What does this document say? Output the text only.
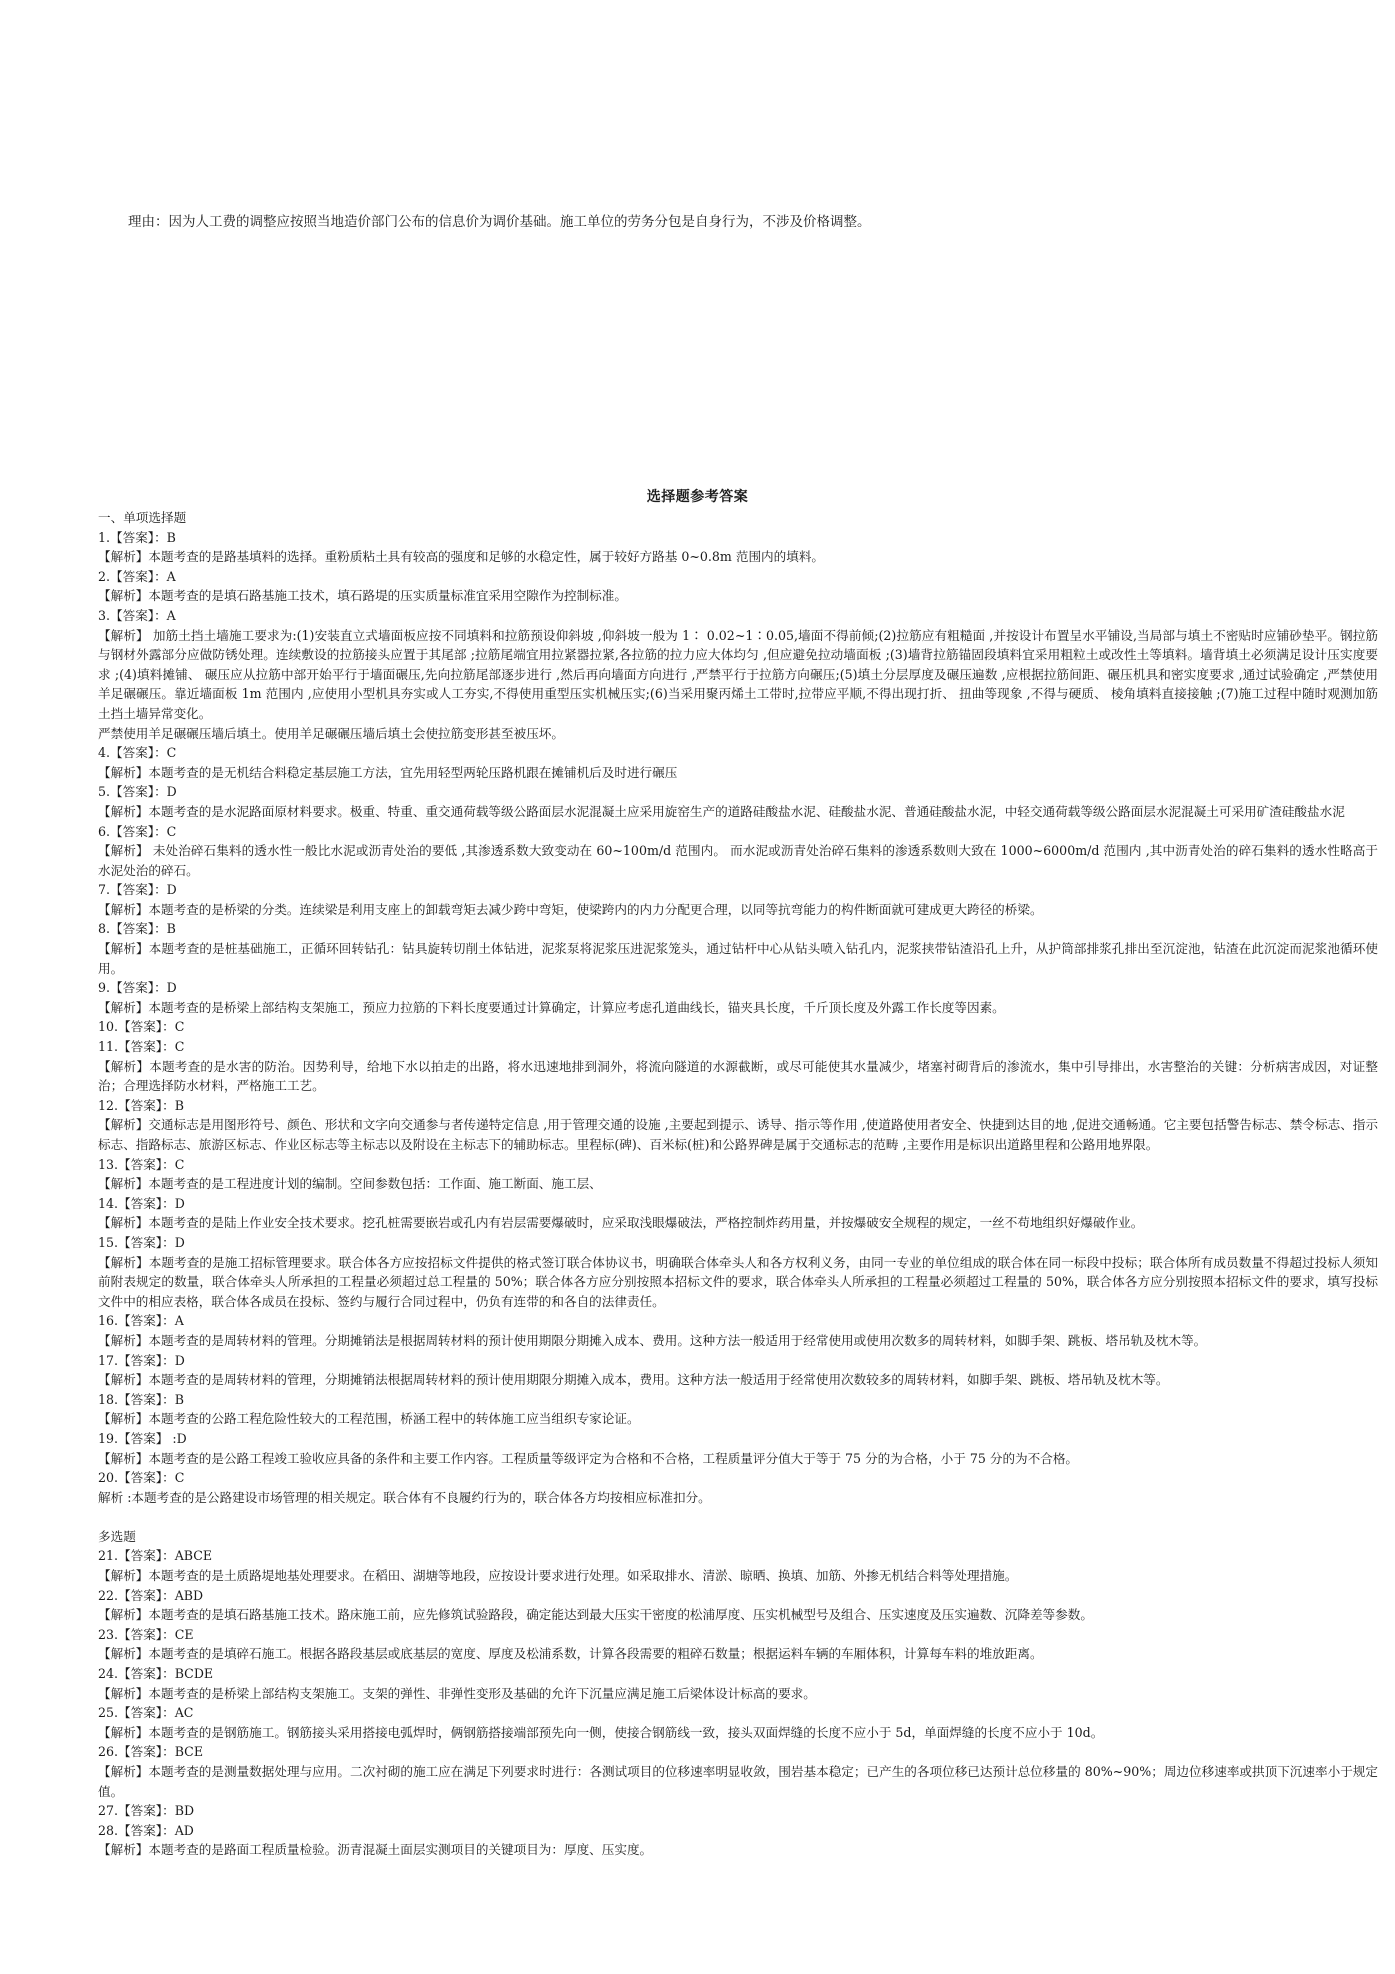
理由：因为人工费的调整应按照当地造价部门公布的信息价为调价基础。施工单位的劳务分包是自身行为，不涉及价格调整。
选择题参考答案
一、单项选择题
1.【答案】：B
【解析】本题考查的是路基填料的选择。重粉质粘土具有较高的强度和足够的水稳定性，属于较好方路基 0~0.8m 范围内的填料。
2.【答案】：A
【解析】本题考查的是填石路基施工技术，填石路堤的压实质量标准宜采用空隙作为控制标准。
3.【答案】：A
【解析】 加筋土挡土墙施工要求为:(1)安装直立式墙面板应按不同填料和拉筋预设仰斜坡 ,仰斜坡一般为 1∶ 0.02~1∶0.05,墙面不得前倾;(2)拉筋应有粗糙面 ,并按设计布置呈水平铺设,当局部与填土不密贴时应铺砂垫平。钢拉筋与钢材外露部分应做防锈处理。连续敷设的拉筋接头应置于其尾部 ;拉筋尾端宜用拉紧器拉紧,各拉筋的拉力应大体均匀 ,但应避免拉动墙面板 ;(3)墙背拉筋锚固段填料宜采用粗粒土或改性土等填料。墙背填土必须满足设计压实度要求 ;(4)填料摊铺、 碾压应从拉筋中部开始平行于墙面碾压,先向拉筋尾部逐步进行 ,然后再向墙面方向进行 ,严禁平行于拉筋方向碾压;(5)填土分层厚度及碾压遍数 ,应根据拉筋间距、碾压机具和密实度要求 ,通过试验确定 ,严禁使用羊足碾碾压。靠近墙面板 1m 范围内 ,应使用小型机具夯实或人工夯实,不得使用重型压实机械压实;(6)当采用聚丙烯土工带时,拉带应平顺,不得出现打折、 扭曲等现象 ,不得与硬质、 棱角填料直接接触 ;(7)施工过程中随时观测加筋土挡土墙异常变化。
严禁使用羊足碾碾压墙后填土。使用羊足碾碾压墙后填土会使拉筋变形甚至被压坏。
4.【答案】：C
【解析】本题考查的是无机结合料稳定基层施工方法，宜先用轻型两轮压路机跟在摊铺机后及时进行碾压
5.【答案】：D
【解析】本题考查的是水泥路面原材料要求。极重、特重、重交通荷载等级公路面层水泥混凝土应采用旋窑生产的道路硅酸盐水泥、硅酸盐水泥、普通硅酸盐水泥，中轻交通荷载等级公路面层水泥混凝土可采用矿渣硅酸盐水泥
6.【答案】：C
【解析】 未处治碎石集料的透水性一般比水泥或沥青处治的要低 ,其渗透系数大致变动在 60~100m/d 范围内。 而水泥或沥青处治碎石集料的渗透系数则大致在 1000~6000m/d 范围内 ,其中沥青处治的碎石集料的透水性略高于水泥处治的碎石。
7.【答案】：D
【解析】本题考查的是桥梁的分类。连续梁是利用支座上的卸载弯矩去减少跨中弯矩，使梁跨内的内力分配更合理，以同等抗弯能力的构件断面就可建成更大跨径的桥梁。
8.【答案】：B
【解析】本题考查的是桩基础施工，正循环回转钻孔：钻具旋转切削土体钻进，泥浆泵将泥浆压进泥浆笼头，通过钻杆中心从钻头喷入钻孔内，泥浆挟带钻渣沿孔上升，从护筒部排浆孔排出至沉淀池，钻渣在此沉淀而泥浆池循环使用。
9.【答案】：D
【解析】本题考查的是桥梁上部结构支架施工，预应力拉筋的下料长度要通过计算确定，计算应考虑孔道曲线长，锚夹具长度，千斤顶长度及外露工作长度等因素。
10.【答案】：C
11.【答案】：C
【解析】本题考查的是水害的防治。因势利导，给地下水以拍走的出路，将水迅速地排到洞外，将流向隧道的水源截断，或尽可能使其水量减少，堵塞衬砌背后的渗流水，集中引导排出，水害整治的关键：分析病害成因，对证整治；合理选择防水材料，严格施工工艺。
12.【答案】：B
【解析】交通标志是用图形符号、颜色、形状和文字向交通参与者传递特定信息 ,用于管理交通的设施 ,主要起到提示、诱导、指示等作用 ,使道路使用者安全、快捷到达目的地 ,促进交通畅通。它主要包括警告标志、禁令标志、指示标志、指路标志、旅游区标志、作业区标志等主标志以及附设在主标志下的辅助标志。里程标(碑)、百米标(桩)和公路界碑是属于交通标志的范畴 ,主要作用是标识出道路里程和公路用地界限。
13.【答案】：C
【解析】本题考查的是工程进度计划的编制。空间参数包括：工作面、施工断面、施工层、
14.【答案】：D
【解析】本题考查的是陆上作业安全技术要求。挖孔桩需要嵌岩或孔内有岩层需要爆破时，应采取浅眼爆破法，严格控制炸药用量，并按爆破安全规程的规定，一丝不苟地组织好爆破作业。
15.【答案】：D
【解析】本题考查的是施工招标管理要求。联合体各方应按招标文件提供的格式签订联合体协议书，明确联合体牵头人和各方权利义务，由同一专业的单位组成的联合体在同一标段中投标；联合体所有成员数量不得超过投标人须知前附表规定的数量，联合体牵头人所承担的工程量必须超过总工程量的 50%；联合体各方应分别按照本招标文件的要求，联合体牵头人所承担的工程量必须超过工程量的 50%，联合体各方应分别按照本招标文件的要求，填写投标文件中的相应表格，联合体各成员在投标、签约与履行合同过程中，仍负有连带的和各自的法律责任。
16.【答案】：A
【解析】本题考查的是周转材料的管理。分期摊销法是根据周转材料的预计使用期限分期摊入成本、费用。这种方法一般适用于经常使用或使用次数多的周转材料，如脚手架、跳板、塔吊轨及枕木等。
17.【答案】：D
【解析】本题考查的是周转材料的管理，分期摊销法根据周转材料的预计使用期限分期摊入成本，费用。这种方法一般适用于经常使用次数较多的周转材料，如脚手架、跳板、塔吊轨及枕木等。
18.【答案】：B
【解析】本题考查的公路工程危险性较大的工程范围，桥涵工程中的转体施工应当组织专家论证。
19.【答案】 :D
【解析】本题考查的是公路工程竣工验收应具备的条件和主要工作内容。工程质量等级评定为合格和不合格，工程质量评分值大于等于 75 分的为合格，小于 75 分的为不合格。
20.【答案】：C
解析 :本题考查的是公路建设市场管理的相关规定。联合体有不良履约行为的，联合体各方均按相应标准扣分。
多选题
21.【答案】：ABCE
【解析】本题考查的是土质路堤地基处理要求。在稻田、湖塘等地段，应按设计要求进行处理。如采取排水、清淤、晾晒、换填、加筋、外掺无机结合料等处理措施。
22.【答案】：ABD
【解析】本题考查的是填石路基施工技术。路床施工前，应先修筑试验路段，确定能达到最大压实干密度的松浦厚度、压实机械型号及组合、压实速度及压实遍数、沉降差等参数。
23.【答案】：CE
【解析】本题考查的是填碎石施工。根据各路段基层或底基层的宽度、厚度及松浦系数，计算各段需要的粗碎石数量；根据运料车辆的车厢体积，计算每车料的堆放距离。
24.【答案】：BCDE
【解析】本题考查的是桥梁上部结构支架施工。支架的弹性、非弹性变形及基础的允许下沉量应满足施工后梁体设计标高的要求。
25.【答案】：AC
【解析】本题考查的是钢筋施工。钢筋接头采用搭接电弧焊时，俩钢筋搭接端部预先向一侧，使接合钢筋线一致，接头双面焊缝的长度不应小于 5d，单面焊缝的长度不应小于 10d。
26.【答案】：BCE
【解析】本题考查的是测量数据处理与应用。二次衬砌的施工应在满足下列要求时进行：各测试项目的位移速率明显收敛，围岩基本稳定；已产生的各项位移已达预计总位移量的 80%~90%；周边位移速率或拱顶下沉速率小于规定值。
27.【答案】：BD
28.【答案】：AD
【解析】本题考查的是路面工程质量检验。沥青混凝土面层实测项目的关键项目为：厚度、压实度。
